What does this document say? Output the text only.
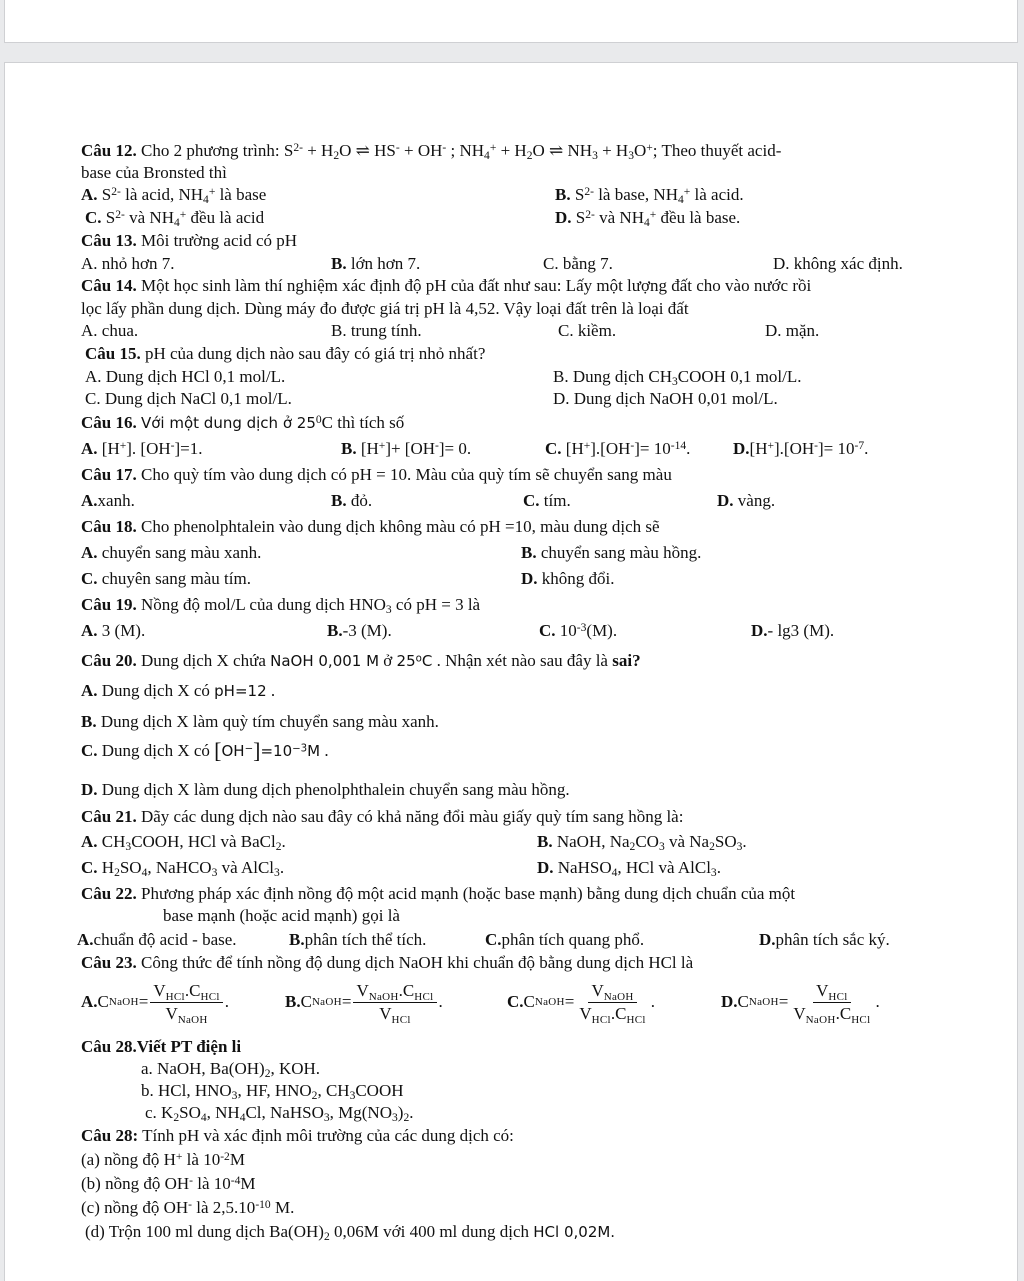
Câu 12. Cho 2 phương trình: $S^{2-} + H_2O$ ⇌ HS- + OH- ; $NH_4^+ + H_2O$ ⇌ $NH_3 + H_3O^+$; Theo thuyết acid-
base của Bronsted thì
A. $S^{2-}$ là acid, $NH_4^+$ là base	B. $S^{2-}$ là base, $NH_4^+$ là acid.
C. $S^{2-}$ và $NH_4^+$ đều là acid	D. $S^{2-}$ và $NH_4^+$ đều là base.
Câu 13. Môi trường acid có pH
A. nhỏ hơn 7.	B. lớn hơn 7.	C. bằng 7.	D. không xác định.
Câu 14. Một học sinh làm thí nghiệm xác định độ pH của đất như sau: Lấy một lượng đất cho vào nước rồi
lọc lấy phần dung dịch. Dùng máy đo được giá trị pH là 4,52. Vậy loại đất trên là loại đất
A. chua.	B. trung tính.	C. kiềm.	D. mặn.
Câu 15. pH của dung dịch nào sau đây có giá trị nhỏ nhất?
A. Dung dịch HCl 0,1 mol/L.	B. Dung dịch $CH_3COOH$ 0,1 mol/L.
C. Dung dịch NaCl 0,1 mol/L.	D. Dung dịch NaOH 0,01 mol/L.
Câu 16. Với một dung dịch ở $25^0C$ thì tích số
A. [H+]. [OH-]=1.	B. [H+]+ [OH-]= 0.	C. $[H^+].[OH^-]= 10^{-14}$.	$D.[H^+].[OH^-]= 10^{-7}$.
Câu 17. Cho quỳ tím vào dung dịch có pH = 10. Màu của quỳ tím sẽ chuyển sang màu
A.xanh.	B. đỏ.	C. tím.	D. vàng.
Câu 18. Cho phenolphtalein vào dung dịch không màu có pH =10, màu dung dịch sẽ
A. chuyển sang màu xanh.	B. chuyển sang màu hồng.
C. chuyên sang màu tím.	D. không đổi.
Câu 19. Nồng độ mol/L của dung dịch $HNO_3$ có pH = 3 là
A. 3 (M).	B.-3 (M).	C. $10^{-3}(M)$.	D.- lg3 (M).
Câu 20. Dung dịch X chứa NaOH 0,001 M ở 25$^o$C . Nhận xét nào sau đây là sai?
A. Dung dịch X có pH=12 .
B. Dung dịch X làm quỳ tím chuyển sang màu xanh.
C. Dung dịch X có $[OH^-]=10^{-3}M$ .
D. Dung dịch X làm dung dịch phenolphthalein chuyển sang màu hồng.
Câu 21. Dãy các dung dịch nào sau đây có khả năng đổi màu giấy quỳ tím sang hồng là:
A. $CH_3COOH$, HCl và BaCl$_2$.	B. NaOH, $Na_2CO_3$ và $Na_2SO_3$.
C. $H_2SO_4$, NaHCO$_3$ và AlCl$_3$.	D. NaHSO$_4$, HCl và AlCl$_3$.
Câu 22. Phương pháp xác định nồng độ một acid mạnh (hoặc base mạnh) bằng dung dịch chuẩn của một
base mạnh (hoặc acid mạnh) gọi là
A.chuẩn độ acid - base.	B.phân tích thể tích.	C.phân tích quang phổ.	D.phân tích sắc ký.
Câu 23. Công thức để tính nồng độ dung dịch NaOH khi chuẩn độ bằng dung dịch HCl là
A. C NaOH = $\frac{V_{HCl}.C_{HCl}}{V_{NaOH}}$ .	B. C NaOH = $\frac{V_{NaOH}.C_{HCl}}{V_{HCl}}$ .	C. C NaOH = $\frac{V_{NaOH}}{V_{HCl}.C_{HCl}}$ .	D. C NaOH = $\frac{V_{HCl}}{V_{NaOH}.C_{HCl}}$ .
Câu 28.Viết PT điện li
a. NaOH, $Ba(OH)_2$, KOH.
b. HCl, $HNO_3$, HF, $HNO_2$, $CH_3COOH$
c. $K_2SO_4$, $NH_4Cl$, NaHSO$_3$, $Mg(NO_3)_2$.
Câu 28: Tính pH và xác định môi trường của các dung dịch có:
(a) nồng độ H+ là $10^{-2}M$
(b) nồng độ OH- là $10^{-4}M$
(c) nồng độ OH- là $2,5.10^{-10}$ M.
(d) Trộn 100 ml dung dịch $Ba(OH)_2$ 0,06M với 400 ml dung dịch HCl 0,02M.
